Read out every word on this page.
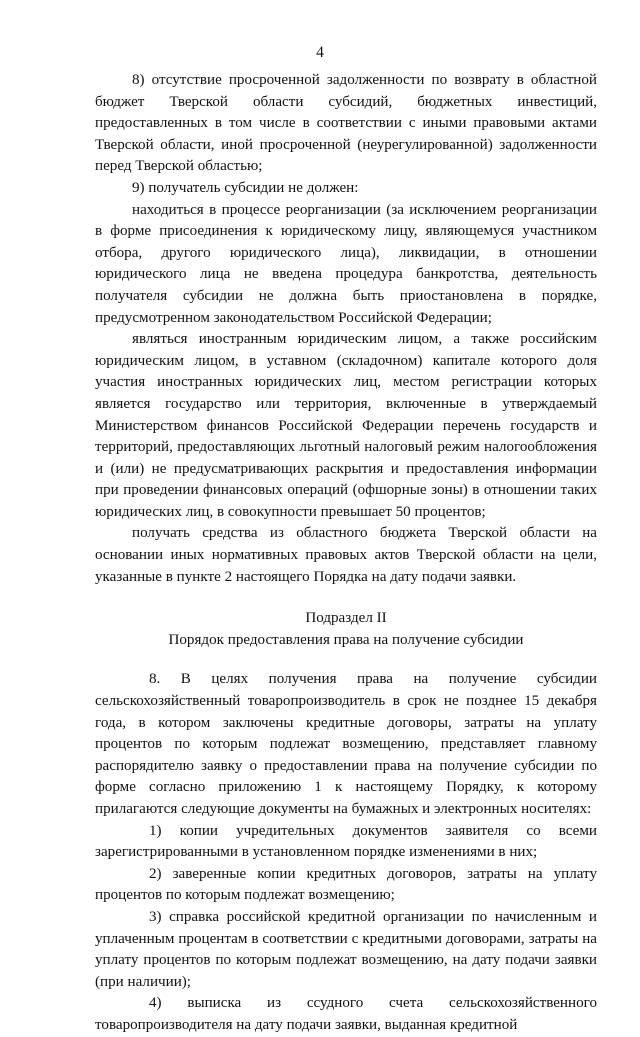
4

8) отсутствие просроченной задолженности по возврату в областной бюджет Тверской области субсидий, бюджетных инвестиций, предоставленных в том числе в соответствии с иными правовыми актами Тверской области, иной просроченной (неурегулированной) задолженности перед Тверской областью;

9) получатель субсидии не должен:

находиться в процессе реорганизации (за исключением реорганизации в форме присоединения к юридическому лицу, являющемуся участником отбора, другого юридического лица), ликвидации, в отношении юридического лица не введена процедура банкротства, деятельность получателя субсидии не должна быть приостановлена в порядке, предусмотренном законодательством Российской Федерации;

являться иностранным юридическим лицом, а также российским юридическим лицом, в уставном (складочном) капитале которого доля участия иностранных юридических лиц, местом регистрации которых является государство или территория, включенные в утверждаемый Министерством финансов Российской Федерации перечень государств и территорий, предоставляющих льготный налоговый режим налогообложения и (или) не предусматривающих раскрытия и предоставления информации при проведении финансовых операций (офшорные зоны) в отношении таких юридических лиц, в совокупности превышает 50 процентов;

получать средства из областного бюджета Тверской области на основании иных нормативных правовых актов Тверской области на цели, указанные в пункте 2 настоящего Порядка на дату подачи заявки.

Подраздел II

Порядок предоставления права на получение субсидии

8. В целях получения права на получение субсидии сельскохозяйственный товаропроизводитель в срок не позднее 15 декабря года, в котором заключены кредитные договоры, затраты на уплату процентов по которым подлежат возмещению, представляет главному распорядителю заявку о предоставлении права на получение субсидии по форме согласно приложению 1 к настоящему Порядку, к которому прилагаются следующие документы на бумажных и электронных носителях:

1) копии учредительных документов заявителя со всеми зарегистрированными в установленном порядке изменениями в них;

2) заверенные копии кредитных договоров, затраты на уплату процентов по которым подлежат возмещению;

3) справка российской кредитной организации по начисленным и уплаченным процентам в соответствии с кредитными договорами, затраты на уплату процентов по которым подлежат возмещению, на дату подачи заявки (при наличии);

4) выписка из ссудного счета сельскохозяйственного товаропроизводителя на дату подачи заявки, выданная кредитной
